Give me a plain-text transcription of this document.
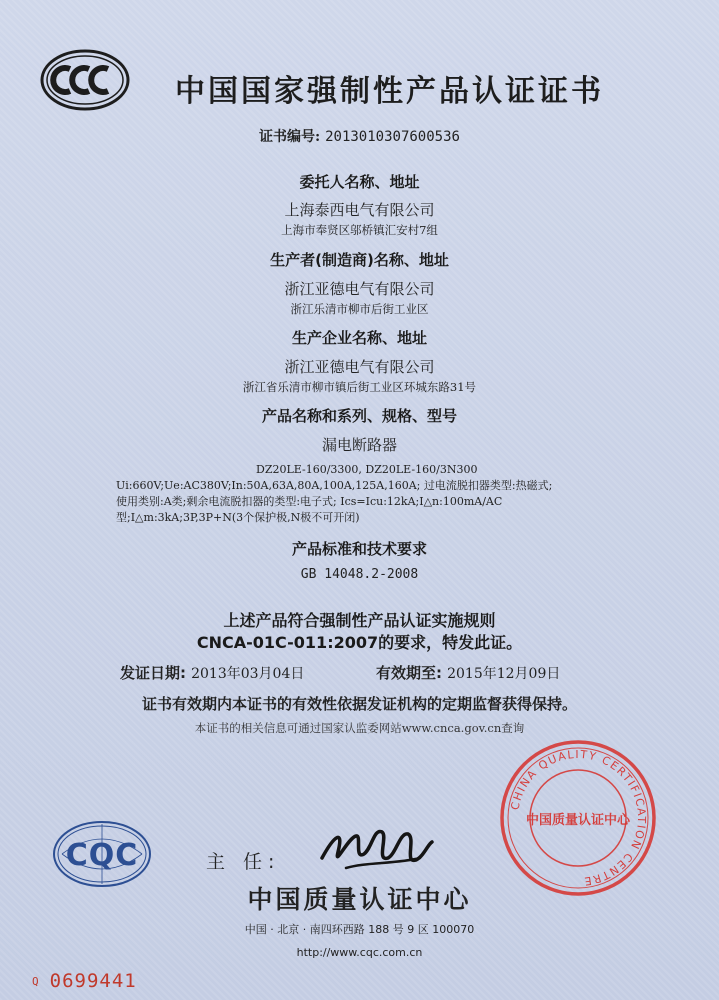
中国国家强制性产品认证证书
证书编号: 2013010307600536
委托人名称、地址
上海泰西电气有限公司
上海市奉贤区邬桥镇汇安村7组
生产者(制造商)名称、地址
浙江亚德电气有限公司
浙江乐清市柳市后街工业区
生产企业名称、地址
浙江亚德电气有限公司
浙江省乐清市柳市镇后街工业区环城东路31号
产品名称和系列、规格、型号
漏电断路器
DZ20LE-160/3300, DZ20LE-160/3N300
Ui:660V;Ue:AC380V;In:50A,63A,80A,100A,125A,160A; 过电流脱扣器类型:热磁式;
使用类别:A类;剩余电流脱扣器的类型:电子式; Ics=Icu:12kA;I△n:100mA/AC
型;I△m:3kA;3P,3P+N(3个保护极,N极不可开闭)
产品标准和技术要求
GB 14048.2-2008
上述产品符合强制性产品认证实施规则
CNCA-01C-011:2007的要求，特发此证。
发证日期: 2013年03月04日	有效期至: 2015年12月09日
证书有效期内本证书的有效性依据发证机构的定期监督获得保持。
本证书的相关信息可通过国家认监委网站www.cnca.gov.cn查询
CQC	主 任:
CHINA QUALITY CERTIFICATION CENTRE
中国质量认证中心
中国质量认证中心
中国 · 北京 · 南四环西路 188 号 9 区 100070
http://www.cqc.com.cn
Q 0699441
